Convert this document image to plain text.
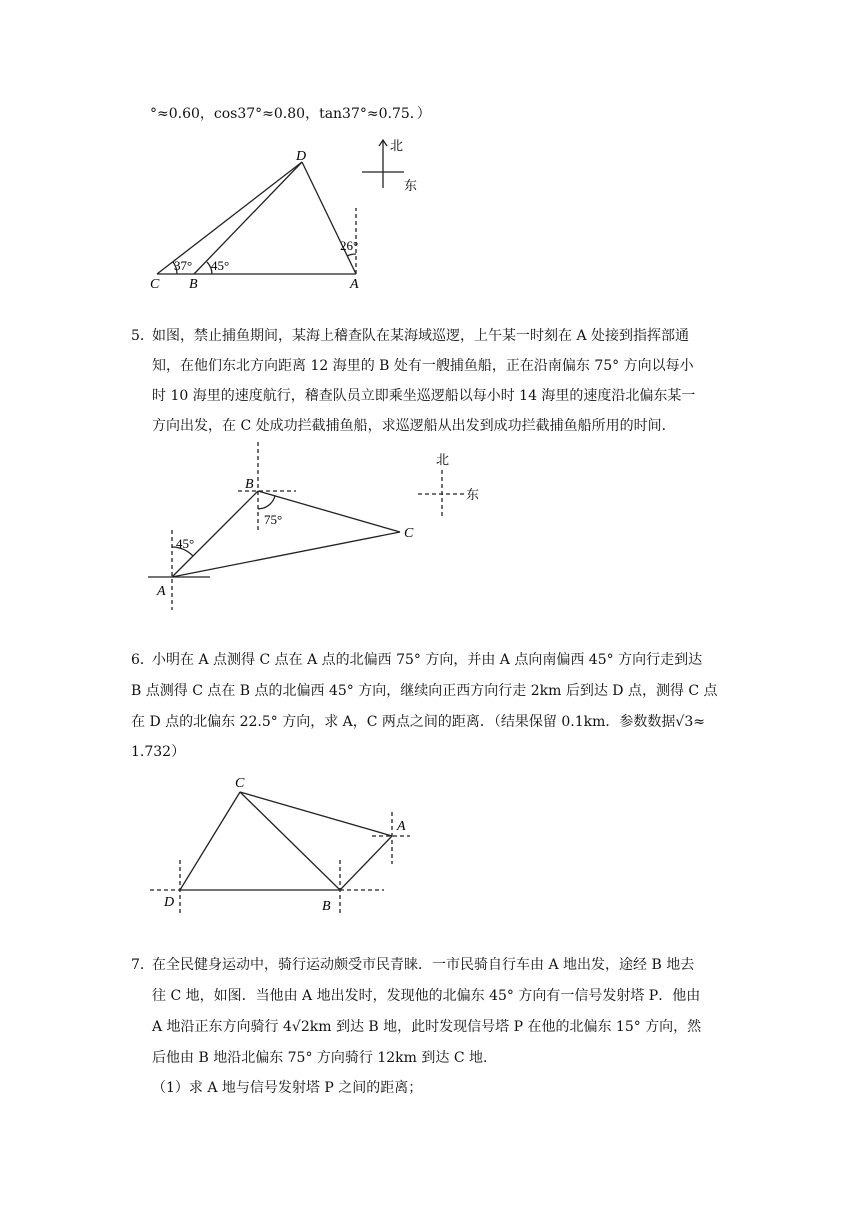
°≈0.60，cos37°≈0.80，tan37°≈0.75．）
D
C B	A
37° 45°
26°
北
东
5．
如图，禁止捕鱼期间，某海上稽查队在某海域巡逻，上午某一时刻在 A 处接到指挥部通
知，在他们东北方向距离 12 海里的 B 处有一艘捕鱼船，正在沿南偏东 75° 方向以每小
时 10 海里的速度航行，稽查队员立即乘坐巡逻船以每小时 14 海里的速度沿北偏东某一
方向出发，在 C 处成功拦截捕鱼船，求巡逻船从出发到成功拦截捕鱼船所用的时间．
B
A
C
45°
75°
北
东
6．
小明在 A 点测得 C 点在 A 点的北偏西 75° 方向，并由 A 点向南偏西 45° 方向行走到达
B 点测得 C 点在 B 点的北偏西 45° 方向，继续向正西方向行走 2km 后到达 D 点，测得 C 点
在 D 点的北偏东 22.5° 方向，求 A，C 两点之间的距离．（结果保留 0.1km．参数数据√3≈
1.732）
C
A
D	B
7．
在全民健身运动中，骑行运动颇受市民青睐．一市民骑自行车由 A 地出发，途经 B 地去
往 C 地，如图．当他由 A 地出发时，发现他的北偏东 45° 方向有一信号发射塔 P．他由
A 地沿正东方向骑行 4√2km 到达 B 地，此时发现信号塔 P 在他的北偏东 15° 方向，然
后他由 B 地沿北偏东 75° 方向骑行 12km 到达 C 地．
（1）求 A 地与信号发射塔 P 之间的距离；
